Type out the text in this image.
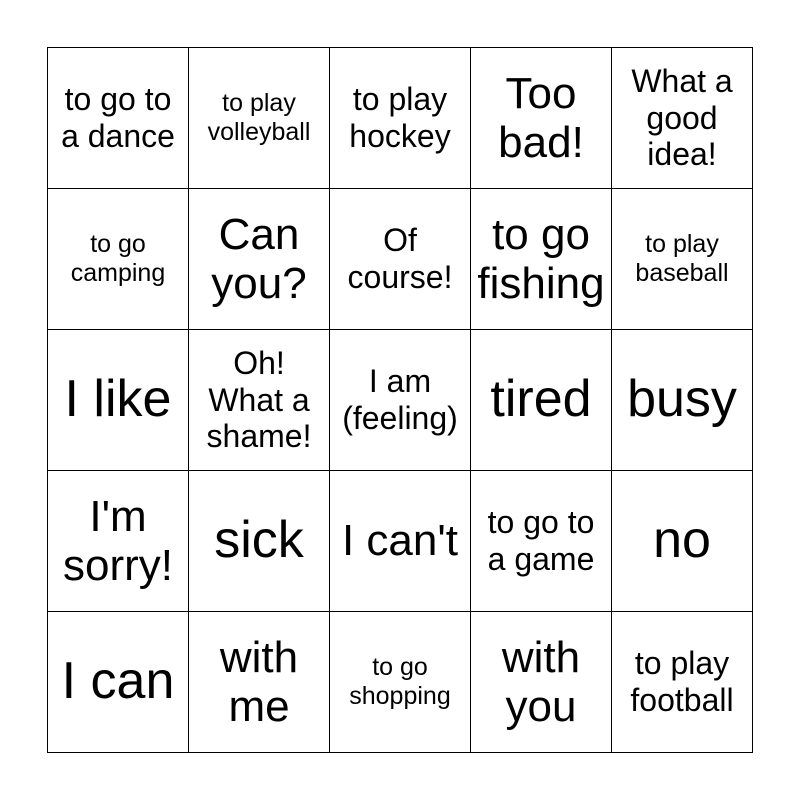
to go to a dance
to play volleyball
to play hockey
Too bad!
What a good idea!
to go camping
Can you?
Of course!
to go fishing
to play baseball
I like
Oh! What a shame!
I am (feeling) tired busy
I'm sorry! sick I can't to go to a game no
I can	with me
to go shopping
with you
to play football
